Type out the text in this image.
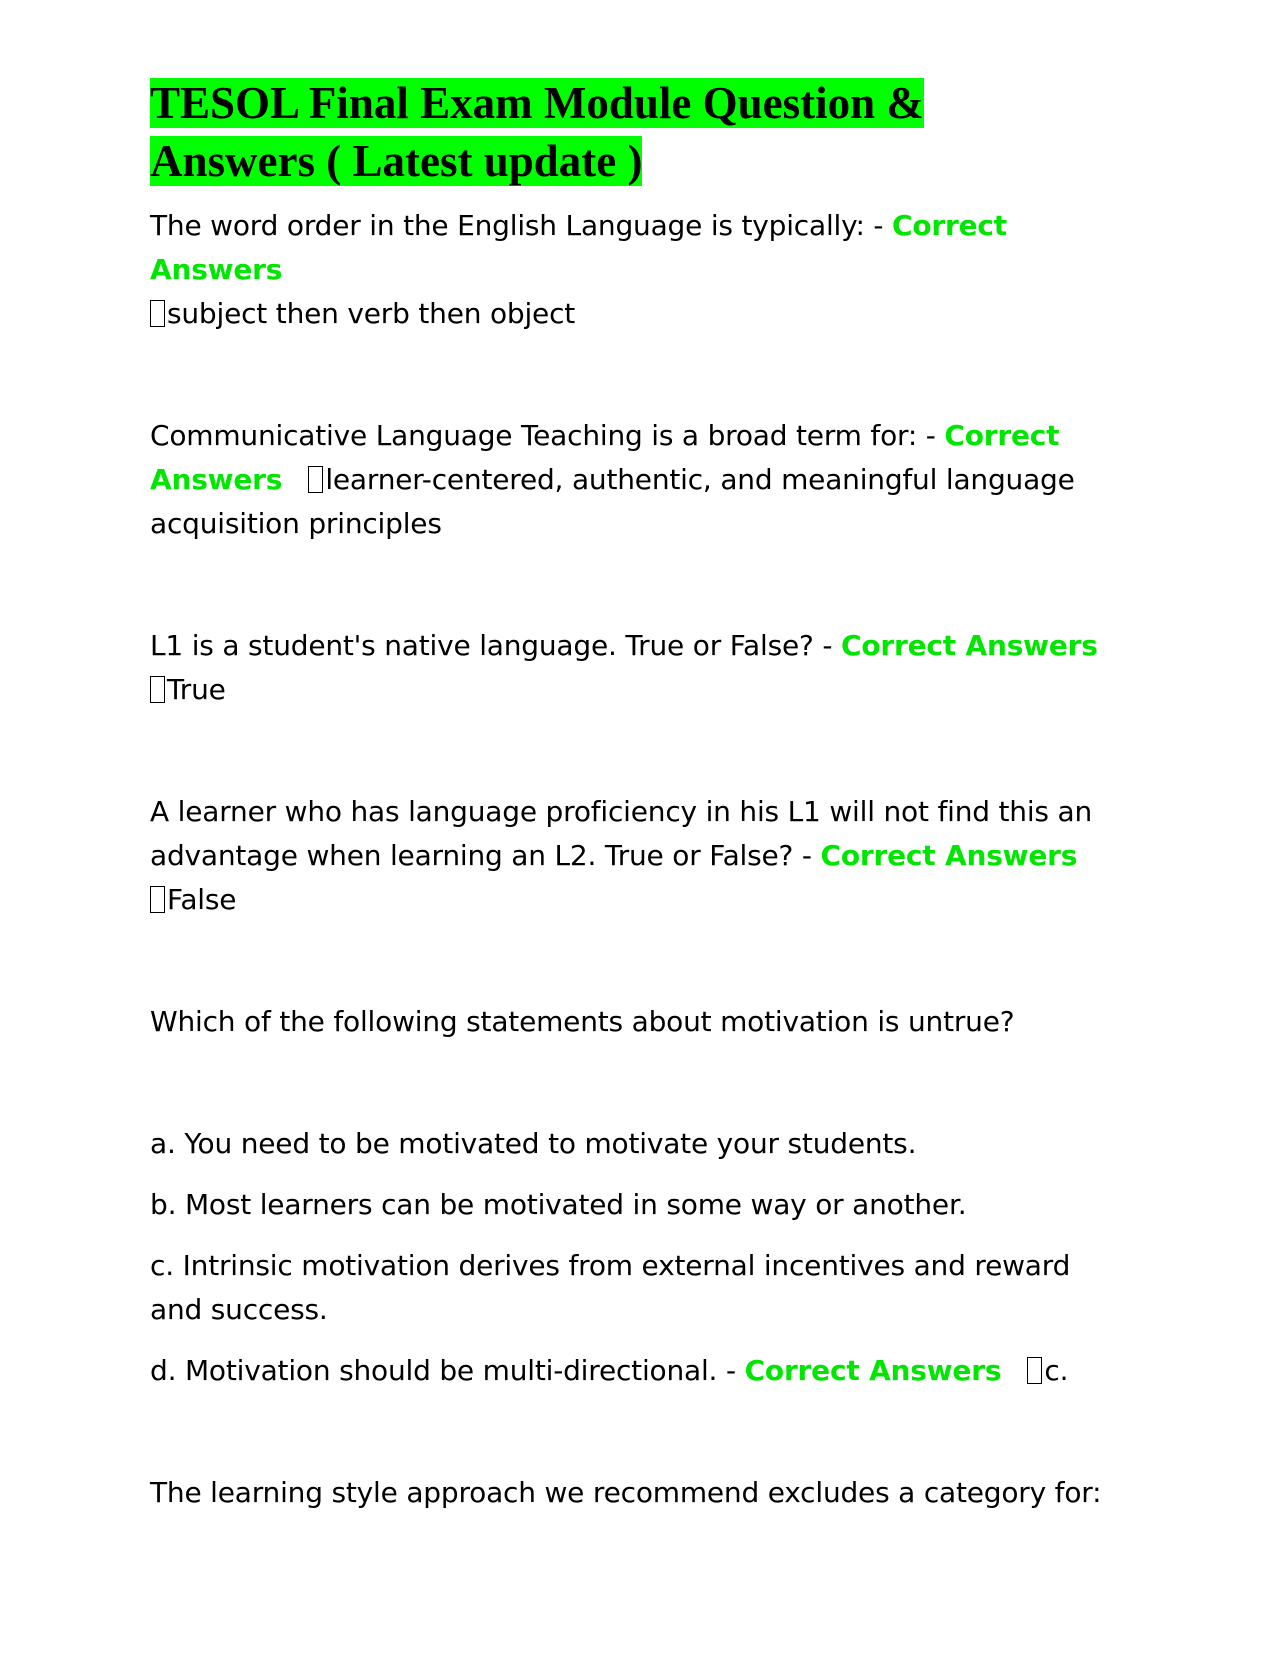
TESOL Final Exam Module Question &
Answers ( Latest update )

The word order in the English Language is typically: - Correct Answers
subject then verb then object

Communicative Language Teaching is a broad term for: - Correct Answers learner-centered, authentic, and meaningful language acquisition principles

L1 is a student's native language. True or False? - Correct Answers
True

A learner who has language proficiency in his L1 will not find this an advantage when learning an L2. True or False? - Correct Answers
False

Which of the following statements about motivation is untrue?

a. You need to be motivated to motivate your students.

b. Most learners can be motivated in some way or another.

c. Intrinsic motivation derives from external incentives and reward and success.

d. Motivation should be multi-directional. - Correct Answers c.

The learning style approach we recommend excludes a category for:
